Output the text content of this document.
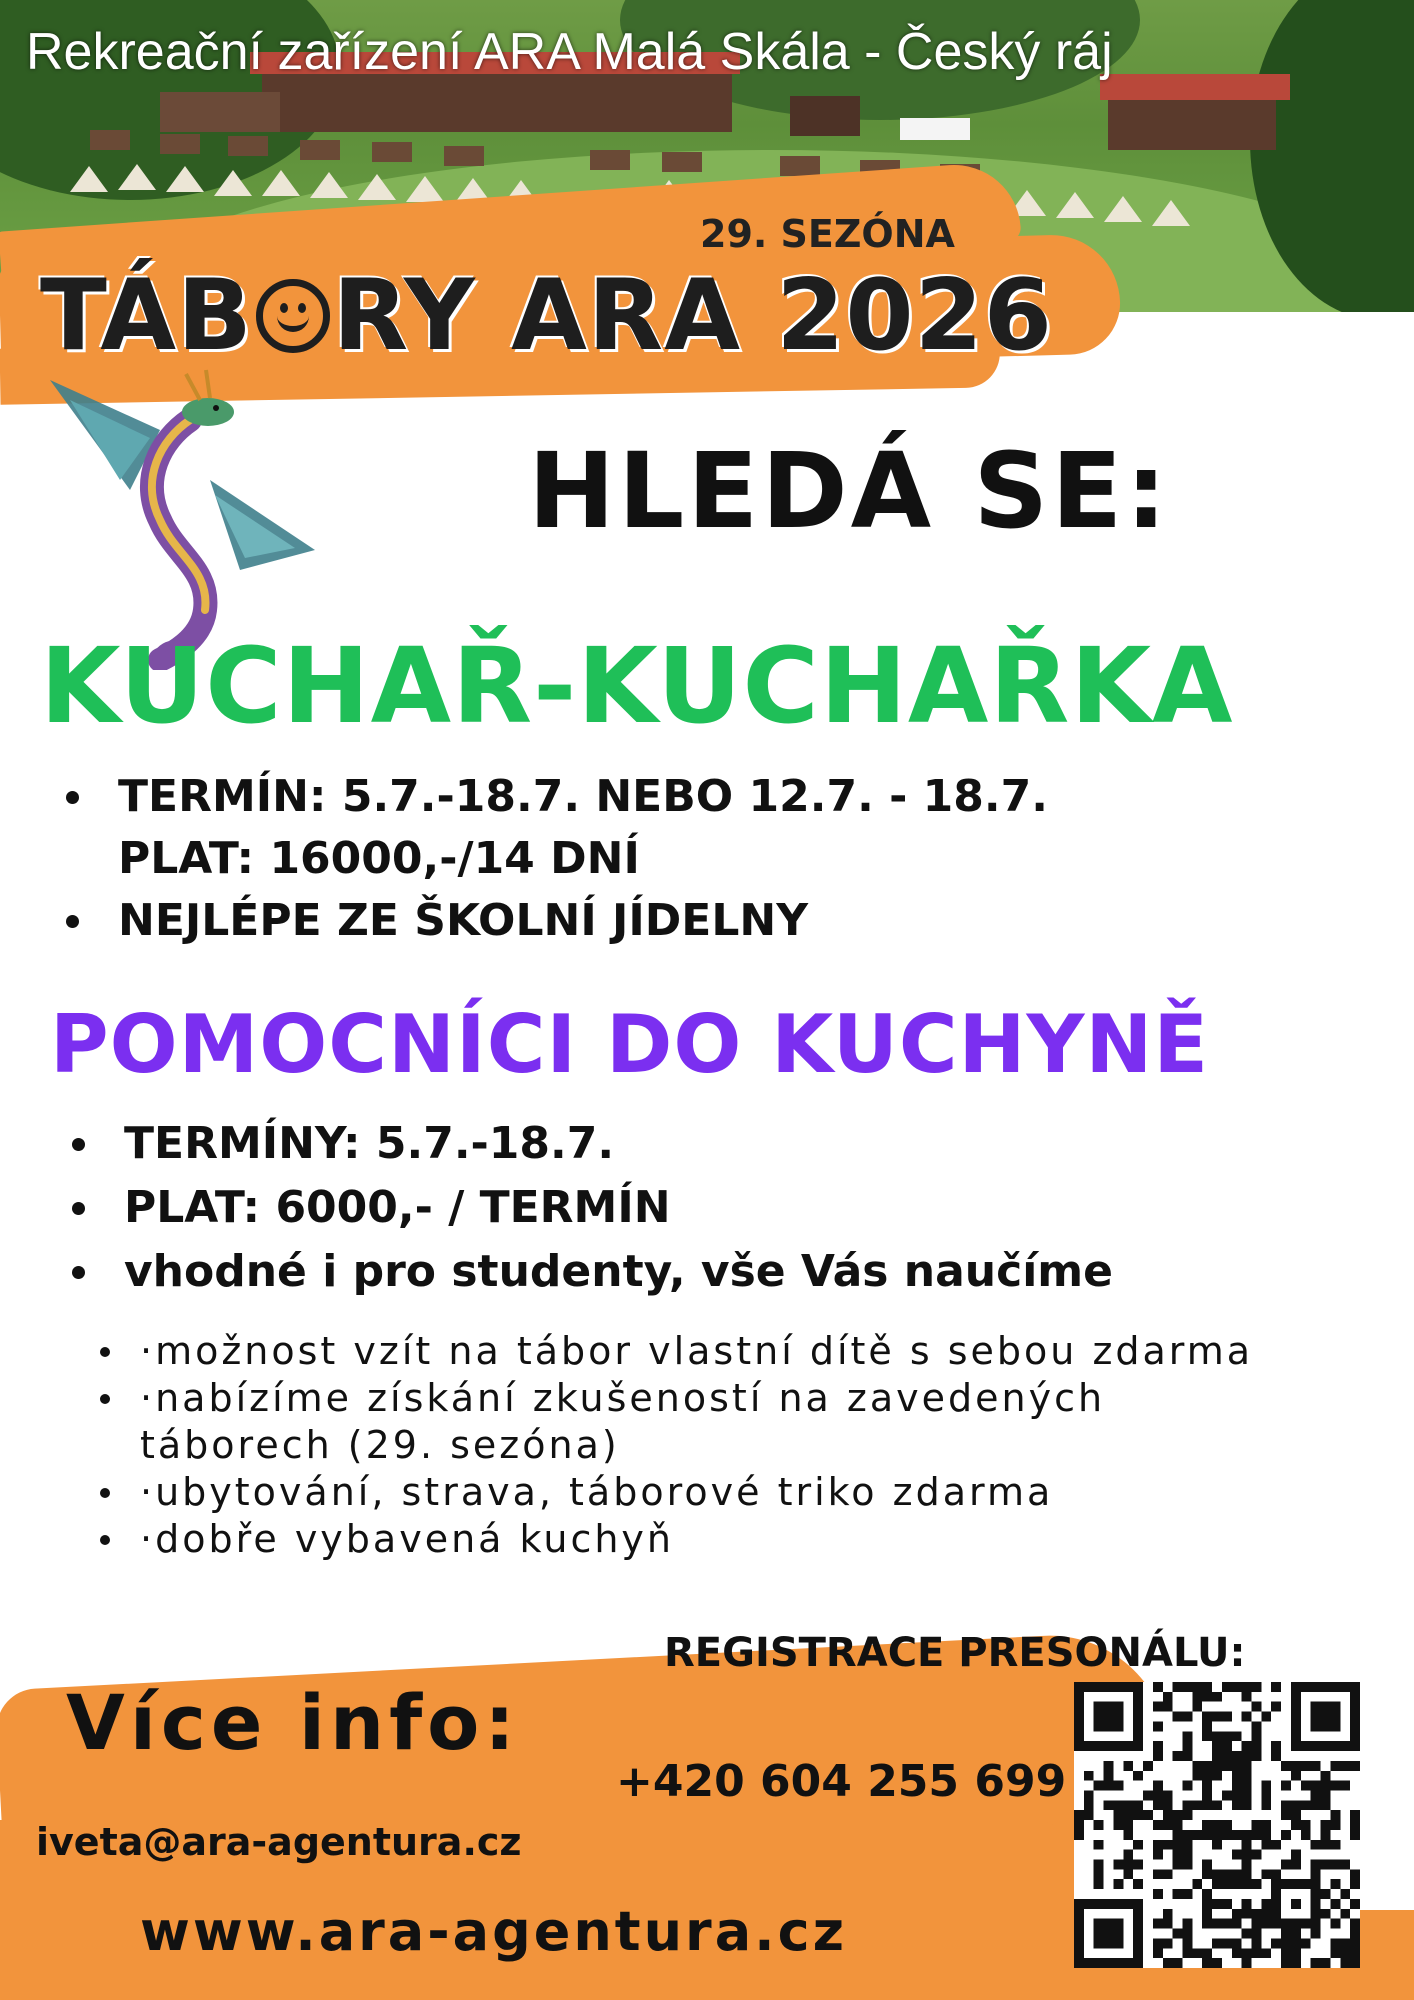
Rekreační zařízení ARA Malá Skála - Český ráj
29. SEZÓNA
TÁB RY ARA 2026
HLEDÁ SE:
KUCHAŘ-KUCHAŘKA
TERMÍN: 5.7.-18.7. NEBO 12.7. - 18.7.
PLAT: 16000,-/14 DNÍ
NEJLÉPE ZE ŠKOLNÍ JÍDELNY
POMOCNÍCI DO KUCHYNĚ
TERMÍNY: 5.7.-18.7.
PLAT: 6000,- / TERMÍN
vhodné i pro studenty, vše Vás naučíme
·možnost vzít na tábor vlastní dítě s sebou zdarma
·nabízíme získání zkušeností na zavedených
táborech (29. sezóna)
·ubytování, strava, táborové triko zdarma
·dobře vybavená kuchyň
REGISTRACE PRESONÁLU:
Více info:
+420 604 255 699
iveta@ara-agentura.cz
www.ara-agentura.cz
